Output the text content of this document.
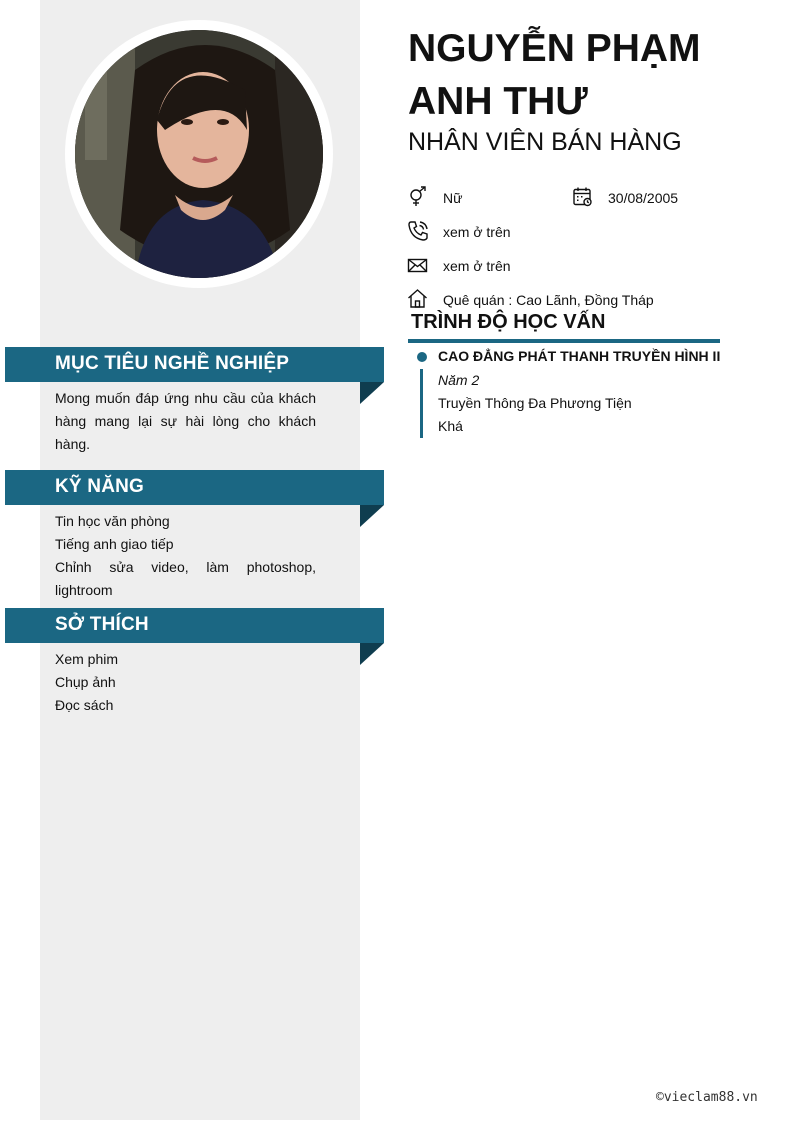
MỤC TIÊU NGHỀ NGHIỆP
Mong muốn đáp ứng nhu cầu của khách hàng mang lại sự hài lòng cho khách hàng.
KỸ NĂNG
Tin học văn phòng
Tiếng anh giao tiếp
Chỉnh sửa video, làm photoshop, lightroom
SỞ THÍCH
Xem phim
Chụp ảnh
Đọc sách
NGUYỄN PHẠM ANH THƯ
NHÂN VIÊN BÁN HÀNG
Nữ	30/08/2005
xem ở trên
xem ở trên
Quê quán : Cao Lãnh, Đồng Tháp
TRÌNH ĐỘ HỌC VẤN
CAO ĐẲNG PHÁT THANH TRUYỀN HÌNH II
Năm 2
Truyền Thông Đa Phương Tiện
Khá
©vieclam88.vn
